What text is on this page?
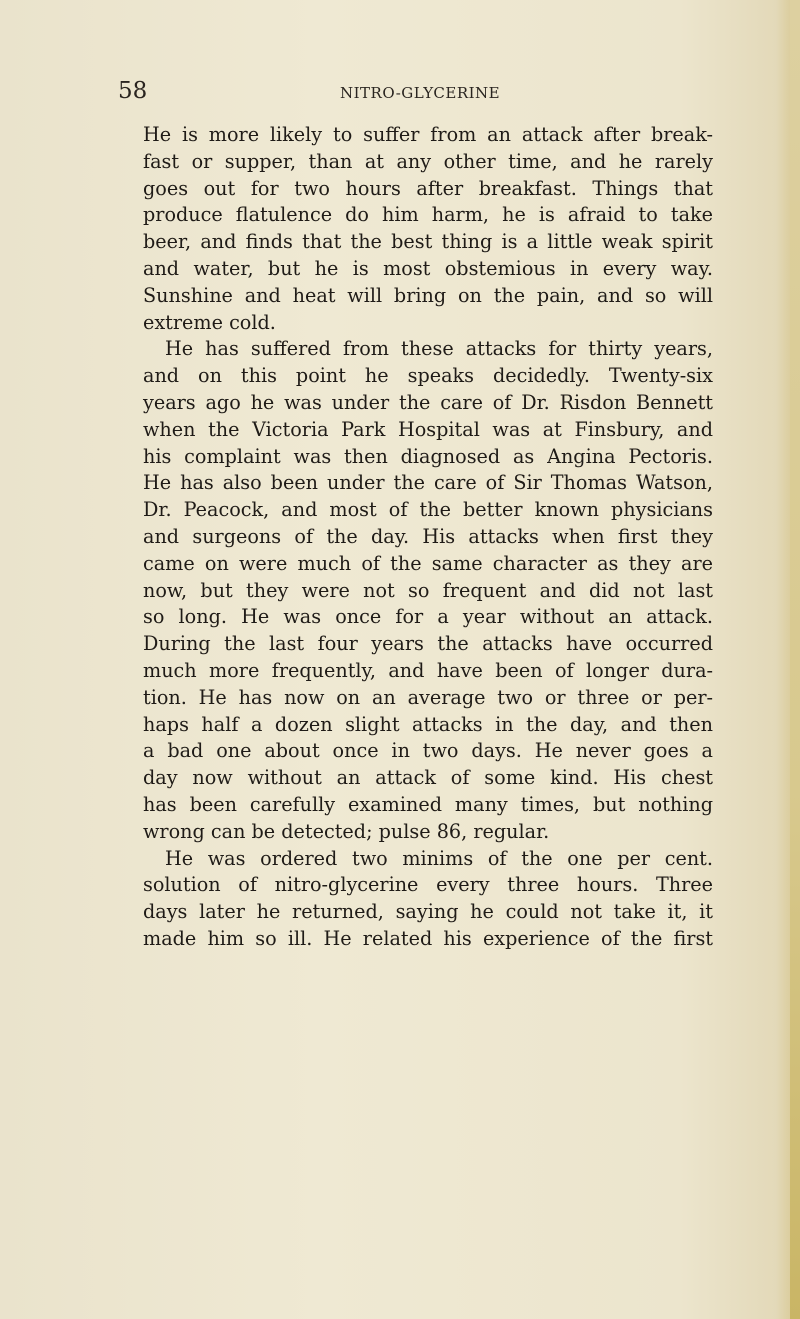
58	NITRO-GLYCERINE
He is more likely to suffer from an attack after break-
fast or supper, than at any other time, and he rarely
goes out for two hours after breakfast. Things that
produce flatulence do him harm, he is afraid to take
beer, and finds that the best thing is a little weak spirit
and water, but he is most obstemious in every way.
Sunshine and heat will bring on the pain, and so will
extreme cold.
He has suffered from these attacks for thirty years,
and on this point he speaks decidedly. Twenty-six
years ago he was under the care of Dr. Risdon Bennett
when the Victoria Park Hospital was at Finsbury, and
his complaint was then diagnosed as Angina Pectoris.
He has also been under the care of Sir Thomas Watson,
Dr. Peacock, and most of the better known physicians
and surgeons of the day. His attacks when first they
came on were much of the same character as they are
now, but they were not so frequent and did not last
so long. He was once for a year without an attack.
During the last four years the attacks have occurred
much more frequently, and have been of longer dura-
tion. He has now on an average two or three or per-
haps half a dozen slight attacks in the day, and then
a bad one about once in two days. He never goes a
day now without an attack of some kind. His chest
has been carefully examined many times, but nothing
wrong can be detected; pulse 86, regular.
He was ordered two minims of the one per cent.
solution of nitro-glycerine every three hours. Three
days later he returned, saying he could not take it, it
made him so ill. He related his experience of the first
